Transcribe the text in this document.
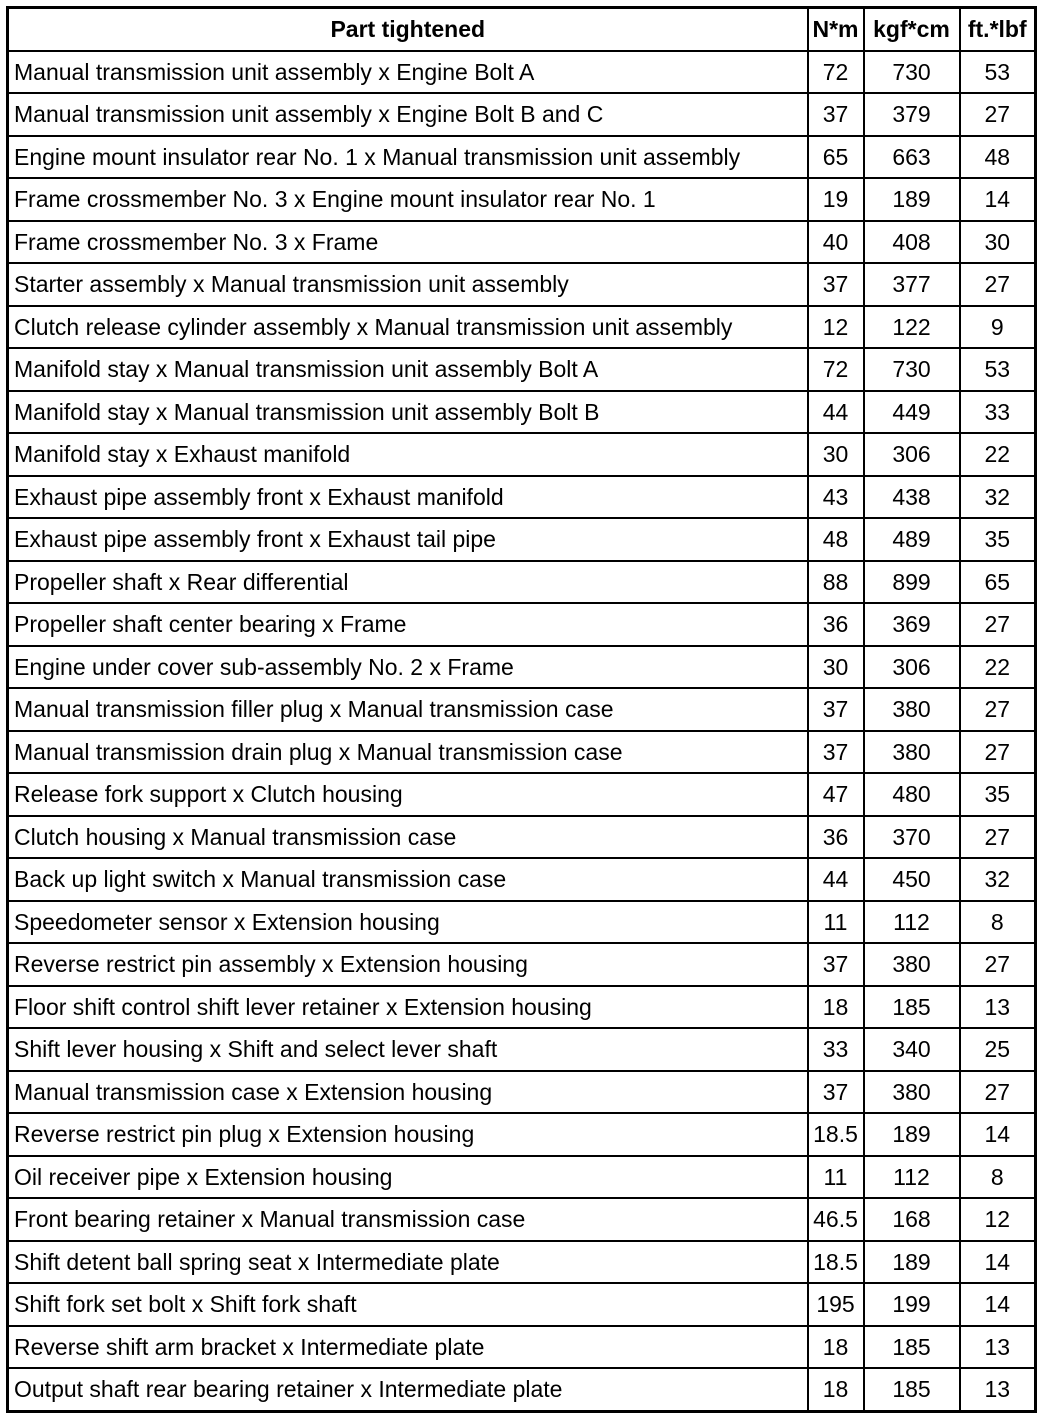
Part tightened	N*m	kgf*cm	ft.*lbf
Manual transmission unit assembly x Engine Bolt A	72	730	53
Manual transmission unit assembly x Engine Bolt B and C	37	379	27
Engine mount insulator rear No. 1 x Manual transmission unit assembly	65	663	48
Frame crossmember No. 3 x Engine mount insulator rear No. 1	19	189	14
Frame crossmember No. 3 x Frame	40	408	30
Starter assembly x Manual transmission unit assembly	37	377	27
Clutch release cylinder assembly x Manual transmission unit assembly	12	122	9
Manifold stay x Manual transmission unit assembly Bolt A	72	730	53
Manifold stay x Manual transmission unit assembly Bolt B	44	449	33
Manifold stay x Exhaust manifold	30	306	22
Exhaust pipe assembly front x Exhaust manifold	43	438	32
Exhaust pipe assembly front x Exhaust tail pipe	48	489	35
Propeller shaft x Rear differential	88	899	65
Propeller shaft center bearing x Frame	36	369	27
Engine under cover sub-assembly No. 2 x Frame	30	306	22
Manual transmission filler plug x Manual transmission case	37	380	27
Manual transmission drain plug x Manual transmission case	37	380	27
Release fork support x Clutch housing	47	480	35
Clutch housing x Manual transmission case	36	370	27
Back up light switch x Manual transmission case	44	450	32
Speedometer sensor x Extension housing	11	112	8
Reverse restrict pin assembly x Extension housing	37	380	27
Floor shift control shift lever retainer x Extension housing	18	185	13
Shift lever housing x Shift and select lever shaft	33	340	25
Manual transmission case x Extension housing	37	380	27
Reverse restrict pin plug x Extension housing	18.5	189	14
Oil receiver pipe x Extension housing	11	112	8
Front bearing retainer x Manual transmission case	46.5	168	12
Shift detent ball spring seat x Intermediate plate	18.5	189	14
Shift fork set bolt x Shift fork shaft	195	199	14
Reverse shift arm bracket x Intermediate plate	18	185	13
Output shaft rear bearing retainer x Intermediate plate	18	185	13
